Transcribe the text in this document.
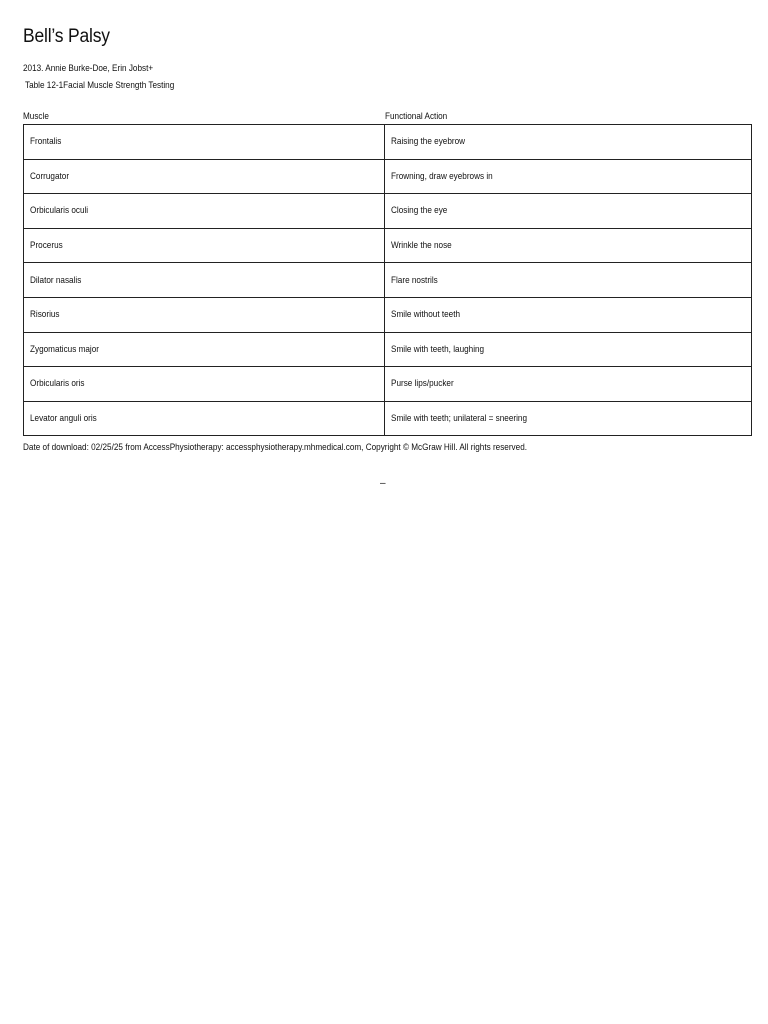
Bell’s Palsy
2013. Annie Burke-Doe, Erin Jobst+
Table 12-1Facial Muscle Strength Testing
Muscle	Functional Action
Frontalis	Raising the eyebrow
Corrugator	Frowning, draw eyebrows in
Orbicularis oculi	Closing the eye
Procerus	Wrinkle the nose
Dilator nasalis	Flare nostrils
Risorius	Smile without teeth
Zygomaticus major	Smile with teeth, laughing
Orbicularis oris	Purse lips/pucker
Levator anguli oris	Smile with teeth; unilateral = sneering
Date of download: 02/25/25 from AccessPhysiotherapy: accessphysiotherapy.mhmedical.com, Copyright © McGraw Hill. All rights reserved.
–
